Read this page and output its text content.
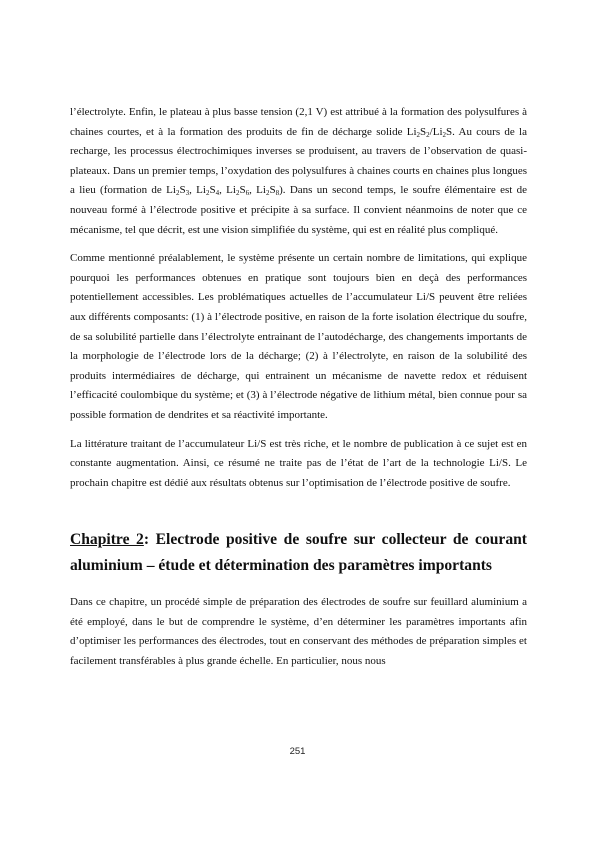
l’électrolyte. Enfin, le plateau à plus basse tension (2,1 V) est attribué à la formation des polysulfures à chaines courtes, et à la formation des produits de fin de décharge solide $Li_2S_2/Li_2S$. Au cours de la recharge, les processus électrochimiques inverses se produisent, au travers de l’observation de quasi-plateaux. Dans un premier temps, l’oxydation des polysulfures à chaines courts en chaines plus longues a lieu (formation de $Li_2S_3$, $Li_2S_4$, $Li_2S_6$, $Li_2S_8$). Dans un second temps, le soufre élémentaire est de nouveau formé à l’électrode positive et précipite à sa surface. Il convient néanmoins de noter que ce mécanisme, tel que décrit, est une vision simplifiée du système, qui est en réalité plus compliqué.

Comme mentionné préalablement, le système présente un certain nombre de limitations, qui explique pourquoi les performances obtenues en pratique sont toujours bien en deçà des performances potentiellement accessibles. Les problématiques actuelles de l’accumulateur Li/S peuvent être reliées aux différents composants: (1) à l’électrode positive, en raison de la forte isolation électrique du soufre, de sa solubilité partielle dans l’électrolyte entrainant de l’autodécharge, des changements importants de la morphologie de l’électrode lors de la décharge; (2) à l’électrolyte, en raison de la solubilité des produits intermédiaires de décharge, qui entrainent un mécanisme de navette redox et réduisent l’efficacité coulombique du système; et (3) à l’électrode négative de lithium métal, bien connue pour sa possible formation de dendrites et sa réactivité importante.

La littérature traitant de l’accumulateur Li/S est très riche, et le nombre de publication à ce sujet est en constante augmentation. Ainsi, ce résumé ne traite pas de l’état de l’art de la technologie Li/S. Le prochain chapitre est dédié aux résultats obtenus sur l’optimisation de l’électrode positive de soufre.

Chapitre 2: Electrode positive de soufre sur collecteur de courant aluminium – étude et détermination des paramètres importants

Dans ce chapitre, un procédé simple de préparation des électrodes de soufre sur feuillard aluminium a été employé, dans le but de comprendre le système, d’en déterminer les paramètres importants afin d’optimiser les performances des électrodes, tout en conservant des méthodes de préparation simples et facilement transférables à plus grande échelle. En particulier, nous nous

251
